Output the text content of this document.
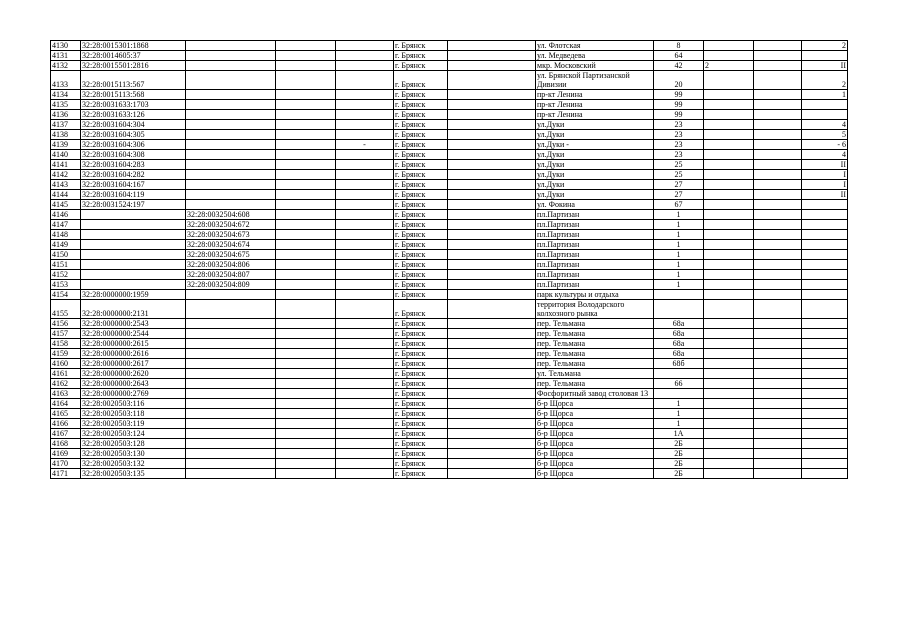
4130	32:28:0015301:1868				г. Брянск		ул. Флотская	8			2
4131	32:28:0014605:37				г. Брянск		ул. Медведева	64			
4132	32:28:0015501:2816				г. Брянск		мкр. Московский	42	2		II
4133	32:28:0015113:567				г. Брянск		ул. Брянской Партизанской Дивизии	20			2
4134	32:28:0015113:568				г. Брянск		пр-кт Ленина	99			1
4135	32:28:0031633:1703				г. Брянск		пр-кт Ленина	99			
4136	32:28:0031633:126				г. Брянск		пр-кт Ленина	99			
4137	32:28:0031604:304				г. Брянск		ул.Дуки	23			4
4138	32:28:0031604:305				г. Брянск		ул.Дуки	23			5
4139	32:28:0031604:306			-	г. Брянск		ул.Дуки -	23			- 6
4140	32:28:0031604:308				г. Брянск		ул.Дуки	23			4
4141	32:28:0031604:283				г. Брянск		ул.Дуки	25			II
4142	32:28:0031604:282				г. Брянск		ул.Дуки	25			I
4143	32:28:0031604:167				г. Брянск		ул.Дуки	27			I
4144	32:28:0031604:119				г. Брянск		ул.Дуки	27			II
4145	32:28:0031524:197				г. Брянск		ул. Фокина	67			
4146		32:28:0032504:608			г. Брянск		пл.Партизан	1			
4147		32:28:0032504:672			г. Брянск		пл.Партизан	1			
4148		32:28:0032504:673			г. Брянск		пл.Партизан	1			
4149		32:28:0032504:674			г. Брянск		пл.Партизан	1			
4150		32:28:0032504:675			г. Брянск		пл.Партизан	1			
4151		32:28:0032504:806			г. Брянск		пл.Партизан	1			
4152		32:28:0032504:807			г. Брянск		пл.Партизан	1			
4153		32:28:0032504:809			г. Брянск		пл.Партизан	1			
4154	32:28:0000000:1959				г. Брянск		парк культуры и отдыха				
4155	32:28:0000000:2131				г. Брянск		территория Володарского колхозного рынка				
4156	32:28:0000000:2543				г. Брянск		пер. Тельмана	68а			
4157	32:28:0000000:2544				г. Брянск		пер. Тельмана	68а			
4158	32:28:0000000:2615				г. Брянск		пер. Тельмана	68а			
4159	32:28:0000000:2616				г. Брянск		пер. Тельмана	68а			
4160	32:28:0000000:2617				г. Брянск		пер. Тельмана	68б			
4161	32:28:0000000:2620				г. Брянск		ул. Тельмана				
4162	32:28:0000000:2643				г. Брянск		пер. Тельмана	66			
4163	32:28:0000000:2769				г. Брянск		Фосфоритный завод столовая 13				
4164	32:28:0020503:116				г. Брянск		б-р Щорса	1			
4165	32:28:0020503:118				г. Брянск		б-р Щорса	1			
4166	32:28:0020503:119				г. Брянск		б-р Щорса	1			
4167	32:28:0020503:124				г. Брянск		б-р Щорса	1А			
4168	32:28:0020503:128				г. Брянск		б-р Щорса	2Б			
4169	32:28:0020503:130				г. Брянск		б-р Щорса	2Б			
4170	32:28:0020503:132				г. Брянск		б-р Щорса	2Б			
4171	32:28:0020503:135				г. Брянск		б-р Щорса	2Б			
